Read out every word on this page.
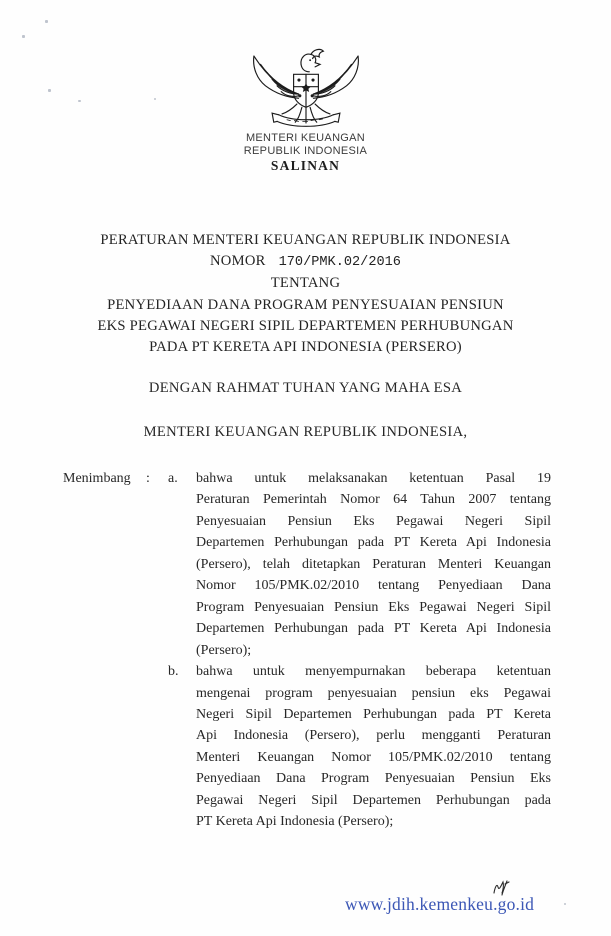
MENTERI KEUANGAN
REPUBLIK INDONESIA
SALINAN
PERATURAN MENTERI KEUANGAN REPUBLIK INDONESIA
NOMOR 170/PMK.02/2016
TENTANG
PENYEDIAAN DANA PROGRAM PENYESUAIAN PENSIUN
EKS PEGAWAI NEGERI SIPIL DEPARTEMEN PERHUBUNGAN
PADA PT KERETA API INDONESIA (PERSERO)
DENGAN RAHMAT TUHAN YANG MAHA ESA
MENTERI KEUANGAN REPUBLIK INDONESIA,
Menimbang : a.	bahwa untuk melaksanakan ketentuan Pasal 19
Peraturan Pemerintah Nomor 64 Tahun 2007 tentang
Penyesuaian Pensiun Eks Pegawai Negeri Sipil
Departemen Perhubungan pada PT Kereta Api Indonesia
(Persero), telah ditetapkan Peraturan Menteri Keuangan
Nomor 105/PMK.02/2010 tentang Penyediaan Dana
Program Penyesuaian Pensiun Eks Pegawai Negeri Sipil
Departemen Perhubungan pada PT Kereta Api Indonesia
(Persero);
b.	bahwa untuk menyempurnakan beberapa ketentuan
mengenai program penyesuaian pensiun eks Pegawai
Negeri Sipil Departemen Perhubungan pada PT Kereta
Api Indonesia (Persero), perlu mengganti Peraturan
Menteri Keuangan Nomor 105/PMK.02/2010 tentang
Penyediaan Dana Program Penyesuaian Pensiun Eks
Pegawai Negeri Sipil Departemen Perhubungan pada
PT Kereta Api Indonesia (Persero);
www.jdih.kemenkeu.go.id
